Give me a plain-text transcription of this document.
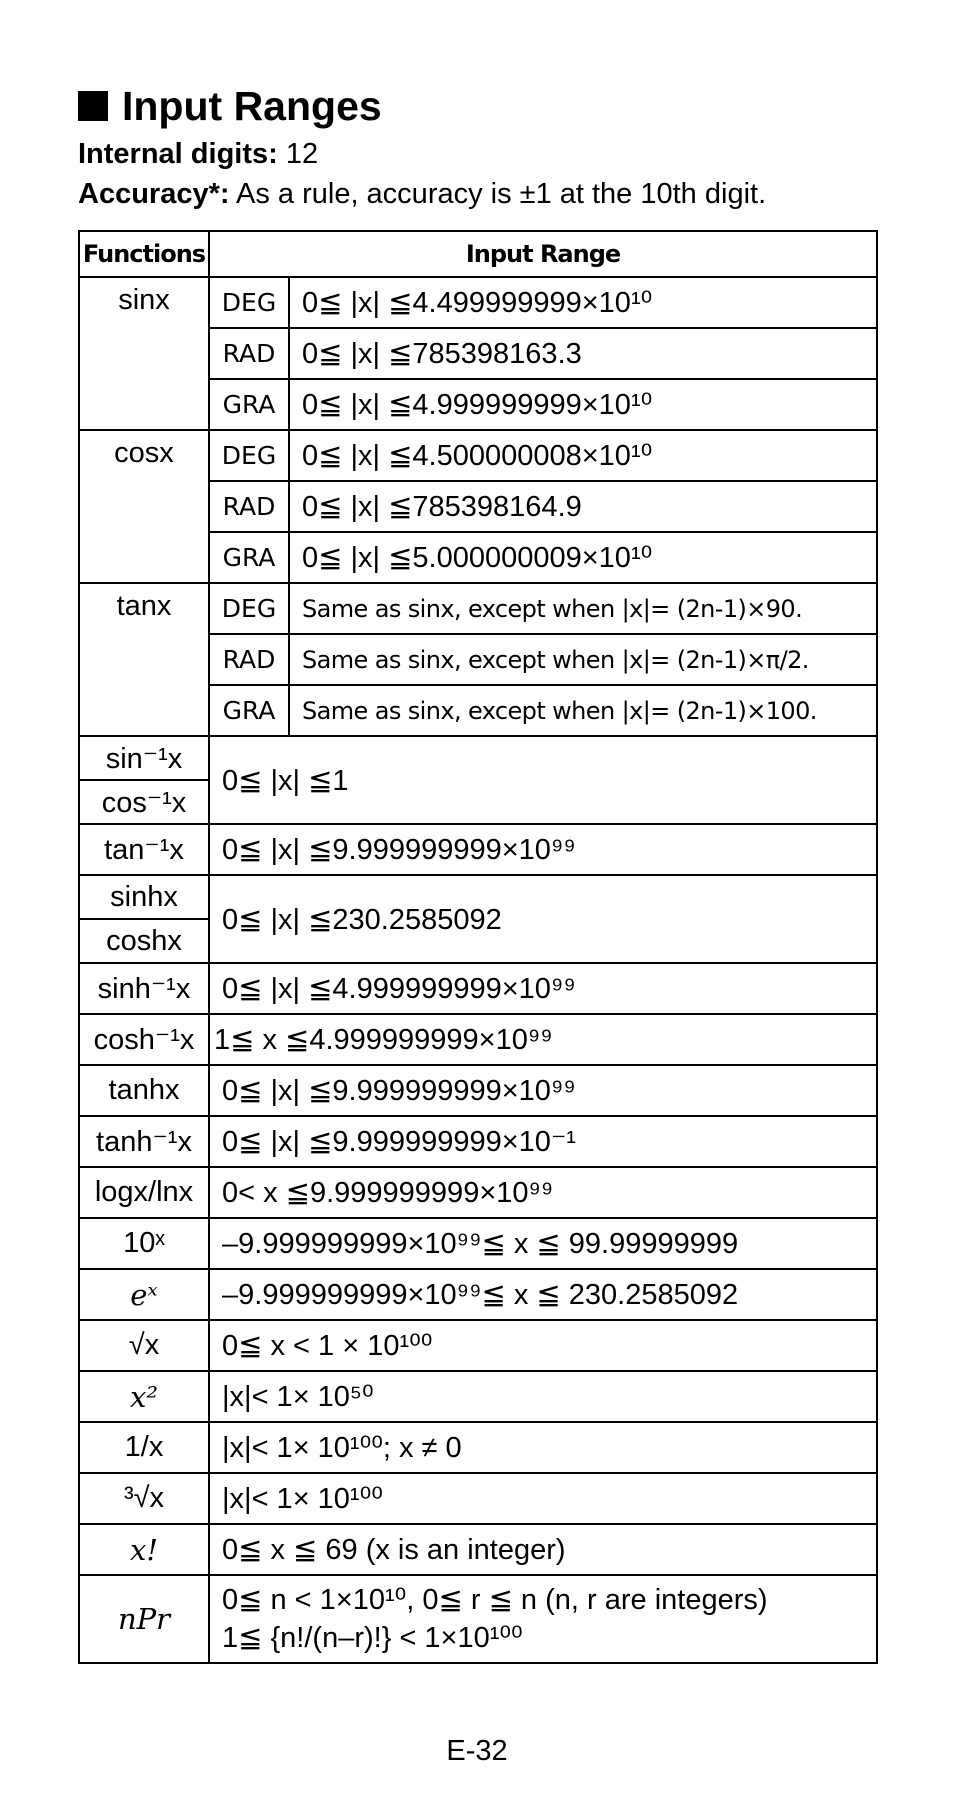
Input Ranges
Internal digits: 12
Accuracy*: As a rule, accuracy is ±1 at the 10th digit.
Functions	Input Range	
sinx	DEG	0≦ |x| ≦4.499999999×10¹⁰
	RAD	0≦ |x| ≦785398163.3
	GRA	0≦ |x| ≦4.999999999×10¹⁰
cosx	DEG	0≦ |x| ≦4.500000008×10¹⁰
	RAD	0≦ |x| ≦785398164.9
	GRA	0≦ |x| ≦5.000000009×10¹⁰
tanx	DEG	Same as sinx, except when |x|= (2n-1)×90.
	RAD	Same as sinx, except when |x|= (2n-1)×π/2.
	GRA	Same as sinx, except when |x|= (2n-1)×100.
sin⁻¹x	0≦ |x| ≦1	
cos⁻¹x		
tan⁻¹x	0≦ |x| ≦9.999999999×10⁹⁹	
sinhx	0≦ |x| ≦230.2585092	
coshx		
sinh⁻¹x	0≦ |x| ≦4.999999999×10⁹⁹	
cosh⁻¹x	1≦ x ≦4.999999999×10⁹⁹	
tanhx	0≦ |x| ≦9.999999999×10⁹⁹	
tanh⁻¹x	0≦ |x| ≦9.999999999×10⁻¹	
logx/lnx	0< x ≦9.999999999×10⁹⁹	
10ˣ	–9.999999999×10⁹⁹≦ x ≦ 99.99999999	
eˣ	–9.999999999×10⁹⁹≦ x ≦ 230.2585092	
√x	0≦ x < 1 × 10¹⁰⁰	
x²	|x|< 1× 10⁵⁰	
1/x	|x|< 1× 10¹⁰⁰; x ≠ 0	
³√x	|x|< 1× 10¹⁰⁰	
x!	0≦ x ≦ 69 (x is an integer)	
nPr	0≦ n < 1×10¹⁰, 0≦ r ≦ n (n, r are integers)
1≦ {n!/(n–r)!} < 1×10¹⁰⁰	
E-32
